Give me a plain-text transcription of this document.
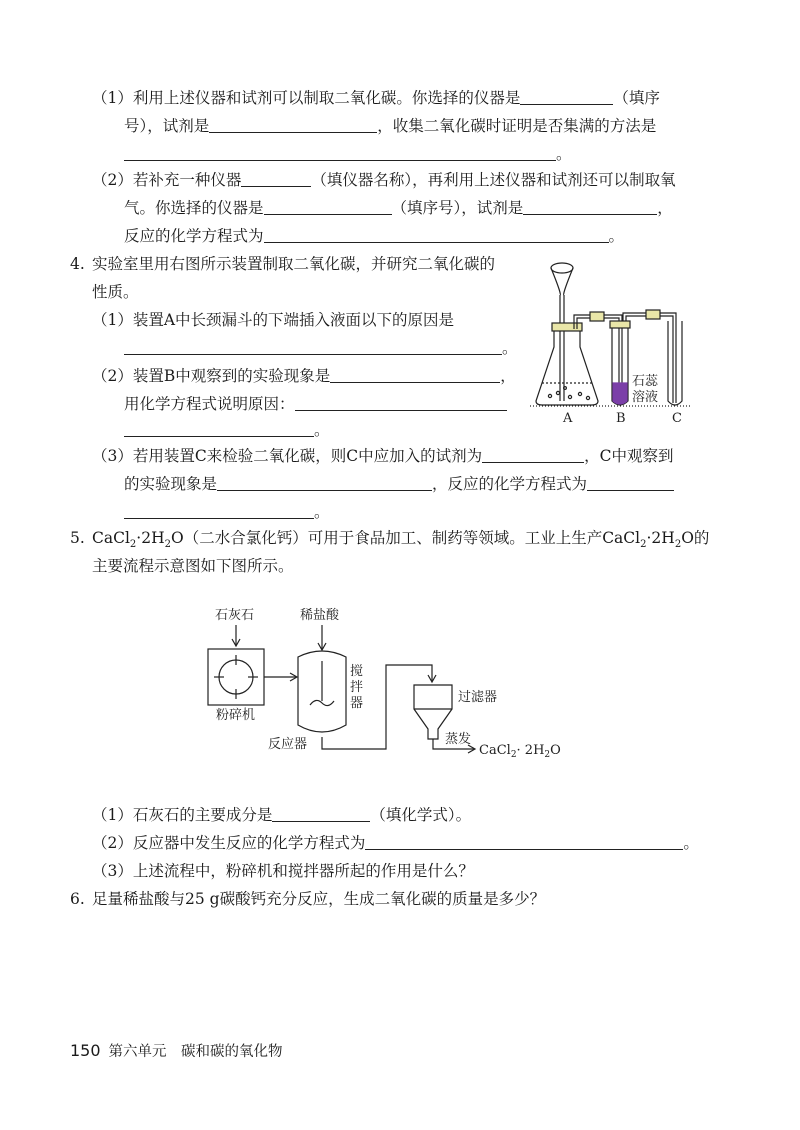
（1）利用上述仪器和试剂可以制取二氧化碳。你选择的仪器是	（填序
号），试剂是	，收集二氧化碳时证明是否集满的方法是
。
（2）若补充一种仪器	（填仪器名称），再利用上述仪器和试剂还可以制取氧
气。你选择的仪器是	（填序号），试剂是	，
反应的化学方程式为	。
4. 实验室里用右图所示装置制取二氧化碳，并研究二氧化碳的
性质。
（1）装置A中长颈漏斗的下端插入液面以下的原因是
。
（2）装置B中观察到的实验现象是	，
用化学方程式说明原因：
。
（3）若用装置C来检验二氧化碳，则C中应加入的试剂为	，C中观察到
的实验现象是	，反应的化学方程式为
。
石蕊
溶液
A	B	C
5. $CaCl_2\cdot 2H_2O$（二水合氯化钙）可用于食品加工、制药等领域。工业上生产$CaCl_2\cdot 2H_2O$的
主要流程示意图如下图所示。
石灰石	稀盐酸
搅
拌
器	过滤器
粉碎机
反应器	蒸发
CaCl$_2$· $2H_2O$
（1）石灰石的主要成分是	（填化学式）。
（2）反应器中发生反应的化学方程式为	。
（3）上述流程中，粉碎机和搅拌器所起的作用是什么？
6. 足量稀盐酸与25 g碳酸钙充分反应，生成二氧化碳的质量是多少？
150 第六单元　碳和碳的氧化物
